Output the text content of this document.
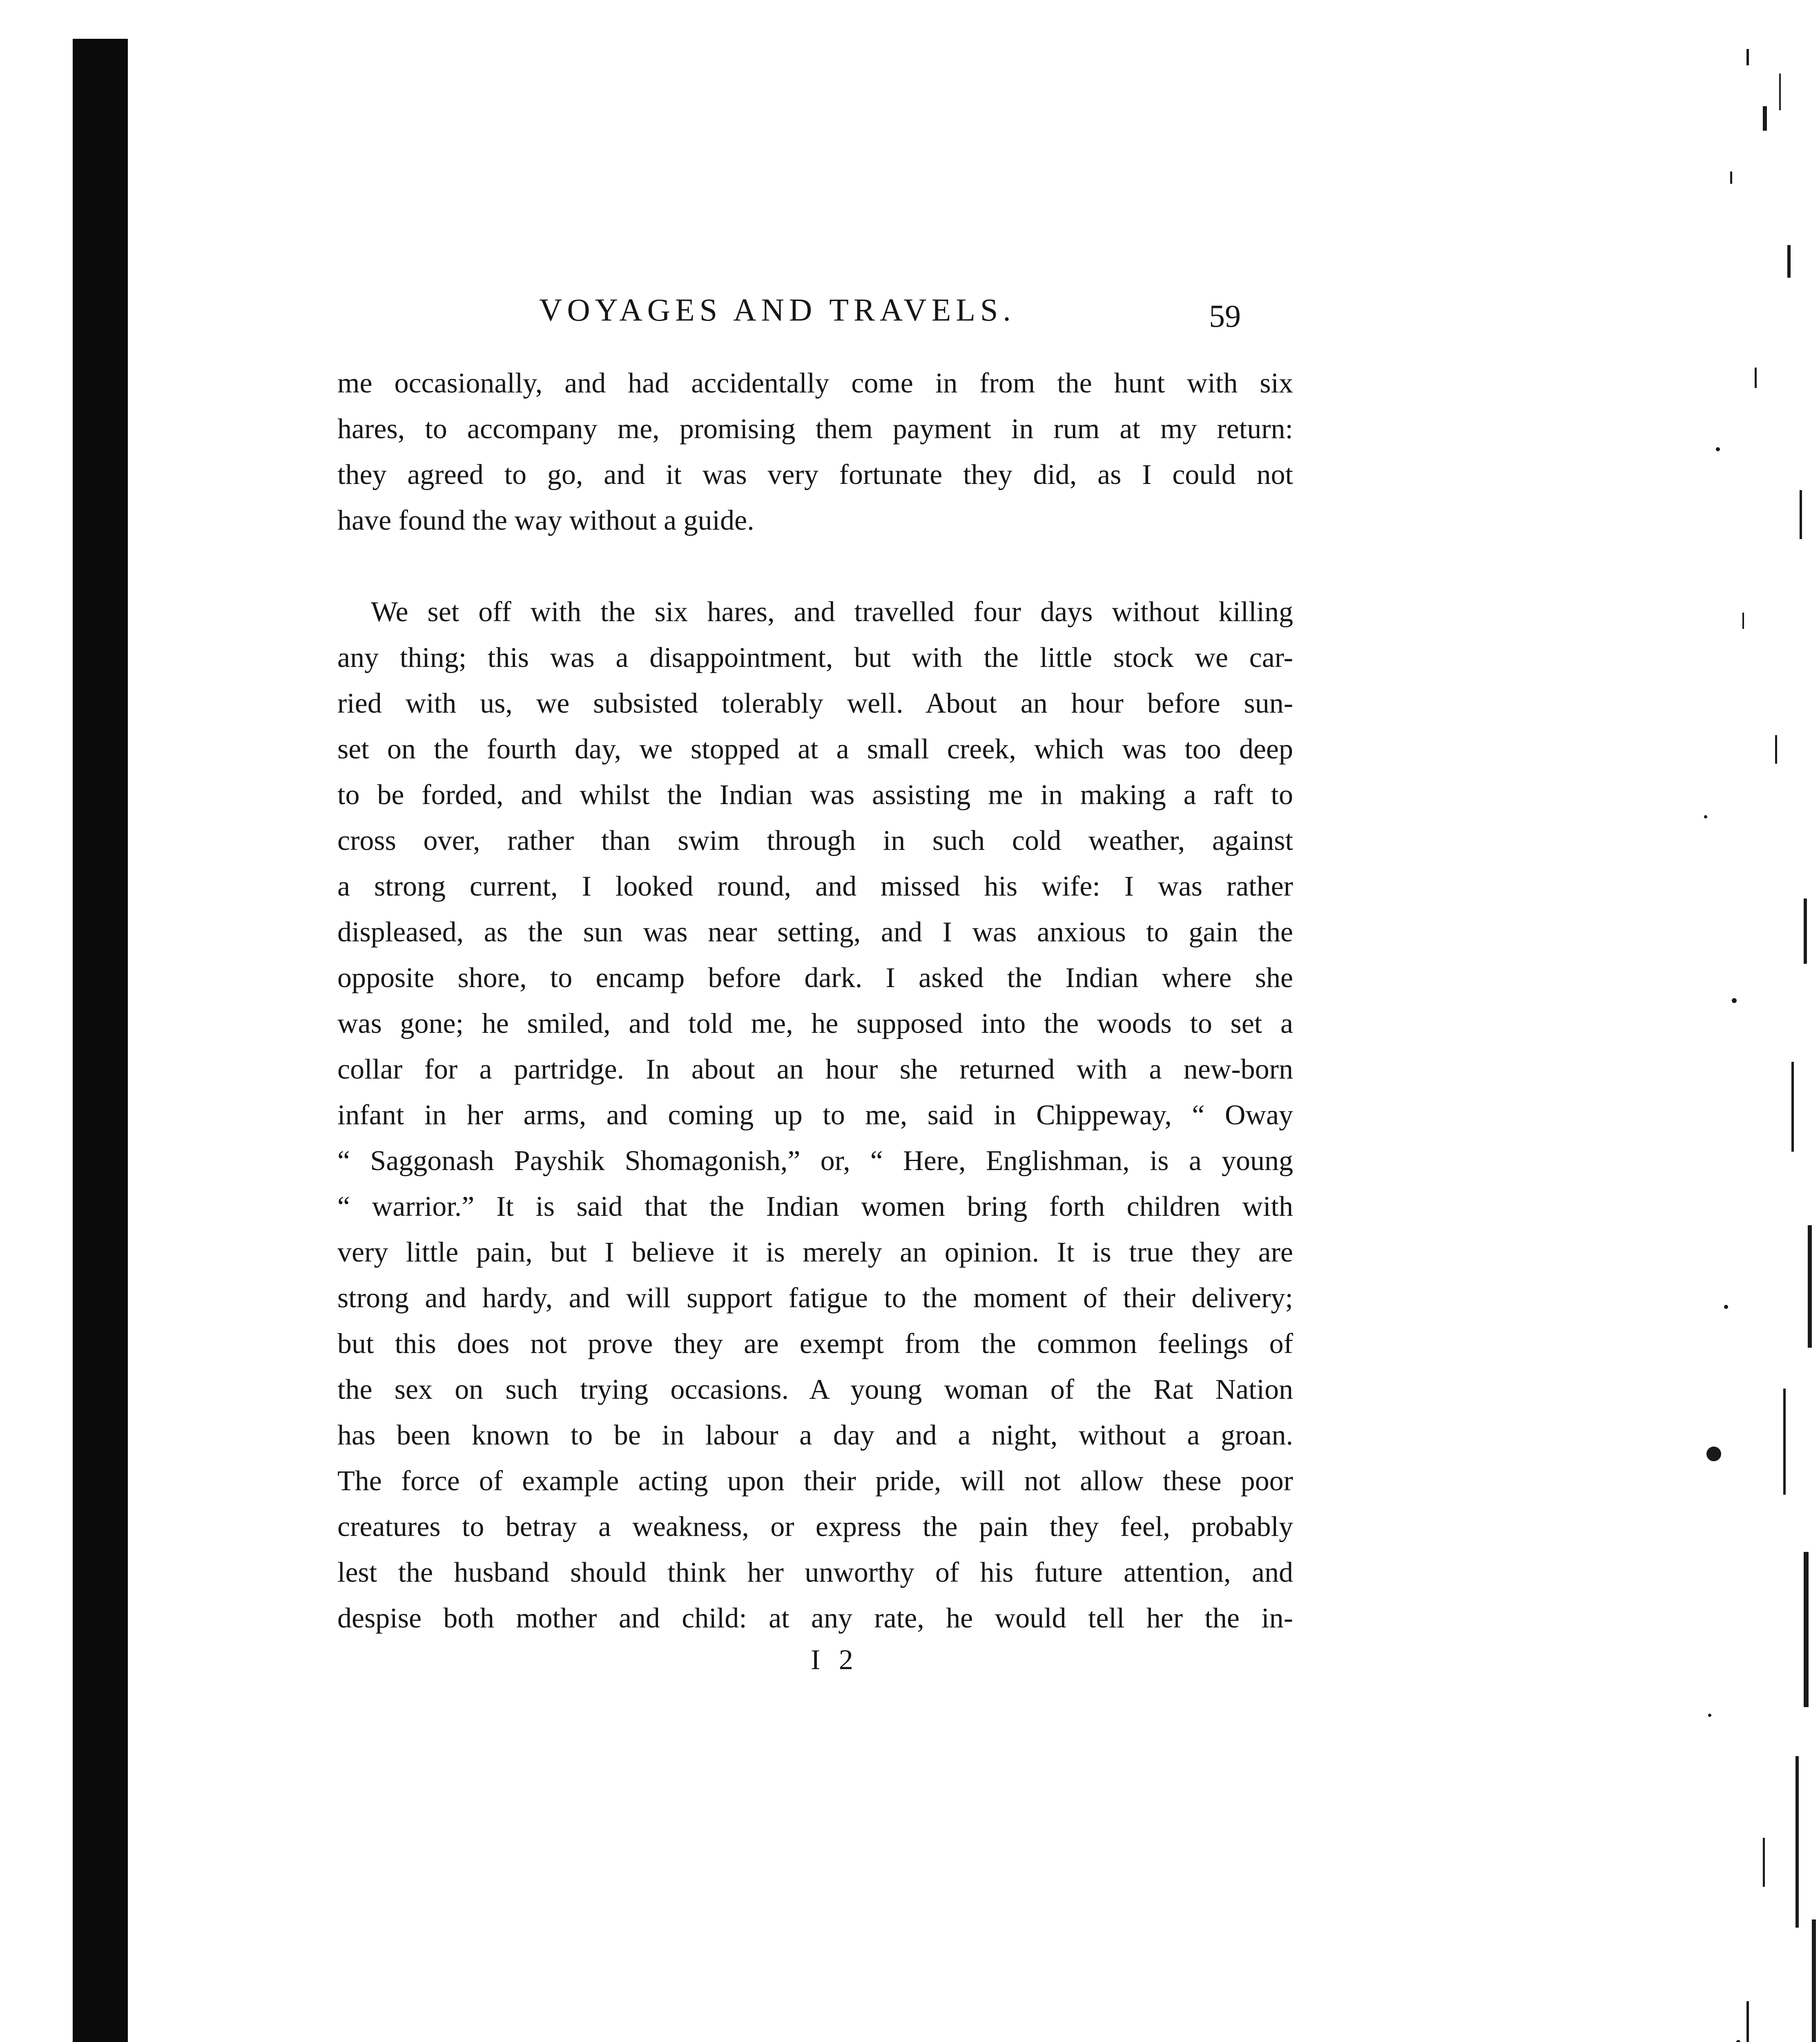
VOYAGES AND TRAVELS.	59

me occasionally, and had accidentally come in from the hunt with six
hares, to accompany me, promising them payment in rum at my return:
they agreed to go, and it was very fortunate they did, as I could not
have found the way without a guide.

We set off with the six hares, and travelled four days without killing
any thing; this was a disappointment, but with the little stock we car-
ried with us, we subsisted tolerably well. About an hour before sun-
set on the fourth day, we stopped at a small creek, which was too deep
to be forded, and whilst the Indian was assisting me in making a raft to
cross over, rather than swim through in such cold weather, against
a strong current, I looked round, and missed his wife: I was rather
displeased, as the sun was near setting, and I was anxious to gain the
opposite shore, to encamp before dark. I asked the Indian where she
was gone; he smiled, and told me, he supposed into the woods to set a
collar for a partridge. In about an hour she returned with a new-born
infant in her arms, and coming up to me, said in Chippeway, “ Oway
“ Saggonash Payshik Shomagonish,” or, “ Here, Englishman, is a young
“ warrior.” It is said that the Indian women bring forth children with
very little pain, but I believe it is merely an opinion. It is true they are
strong and hardy, and will support fatigue to the moment of their delivery;
but this does not prove they are exempt from the common feelings of
the sex on such trying occasions. A young woman of the Rat Nation
has been known to be in labour a day and a night, without a groan.
The force of example acting upon their pride, will not allow these poor
creatures to betray a weakness, or express the pain they feel, probably
lest the husband should think her unworthy of his future attention, and
despise both mother and child: at any rate, he would tell her the in-

I 2
